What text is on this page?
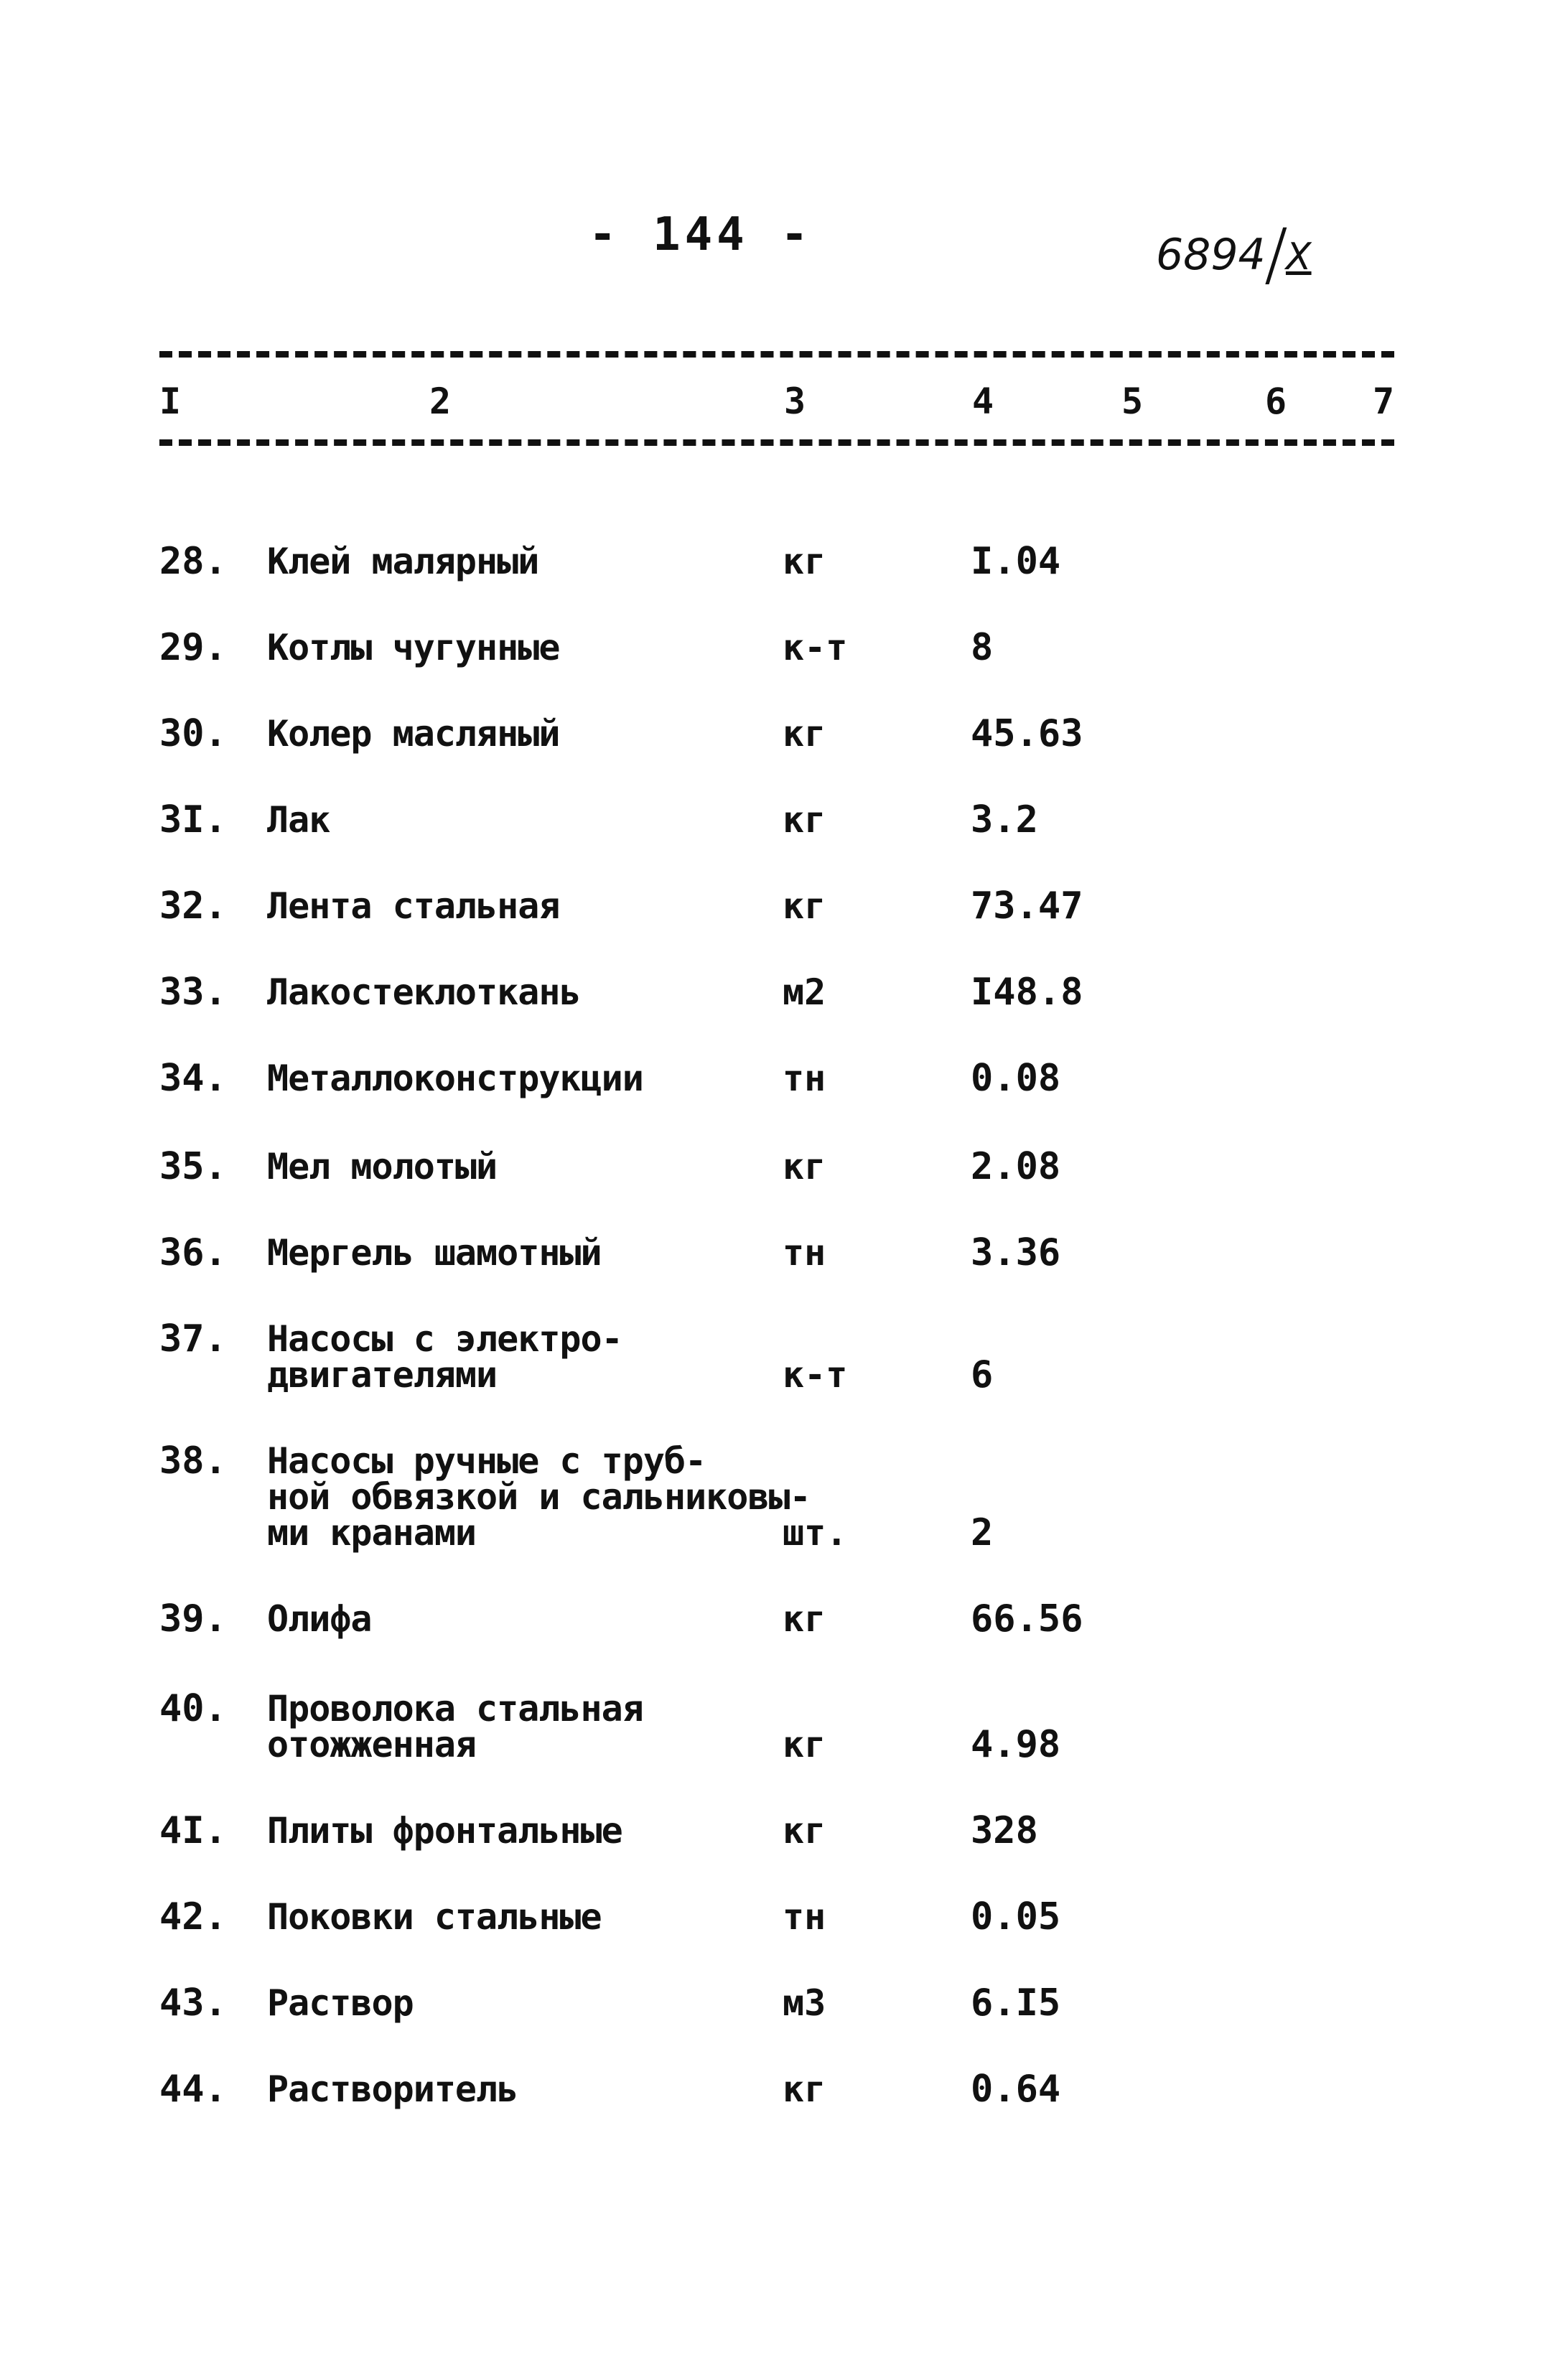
- 144 -	6894/X
I	2	3	4	5	6 7
28. Клей малярный	кг	I.04
29. Котлы чугунные	к-т	8
30. Колер масляный	кг	45.63
3I. Лак	кг	3.2
32. Лента стальная	кг	73.47
33. Лакостеклоткань	м2	I48.8
34. Металлоконструкции	тн	0.08
35. Мел молотый	кг	2.08
36. Мергель шамотный	тн	3.36
37. Насосы с электро-
двигателями	к-т	6
38. Насосы ручные с труб-
ной обвязкой и сальниковы-
ми кранами	шт.	2
39. Олифа	кг	66.56
40. Проволока стальная
отожженная	кг	4.98
4I. Плиты фронтальные	кг	328
42. Поковки стальные	тн	0.05
43. Раствор	м3	6.I5
44. Растворитель	кг	0.64
